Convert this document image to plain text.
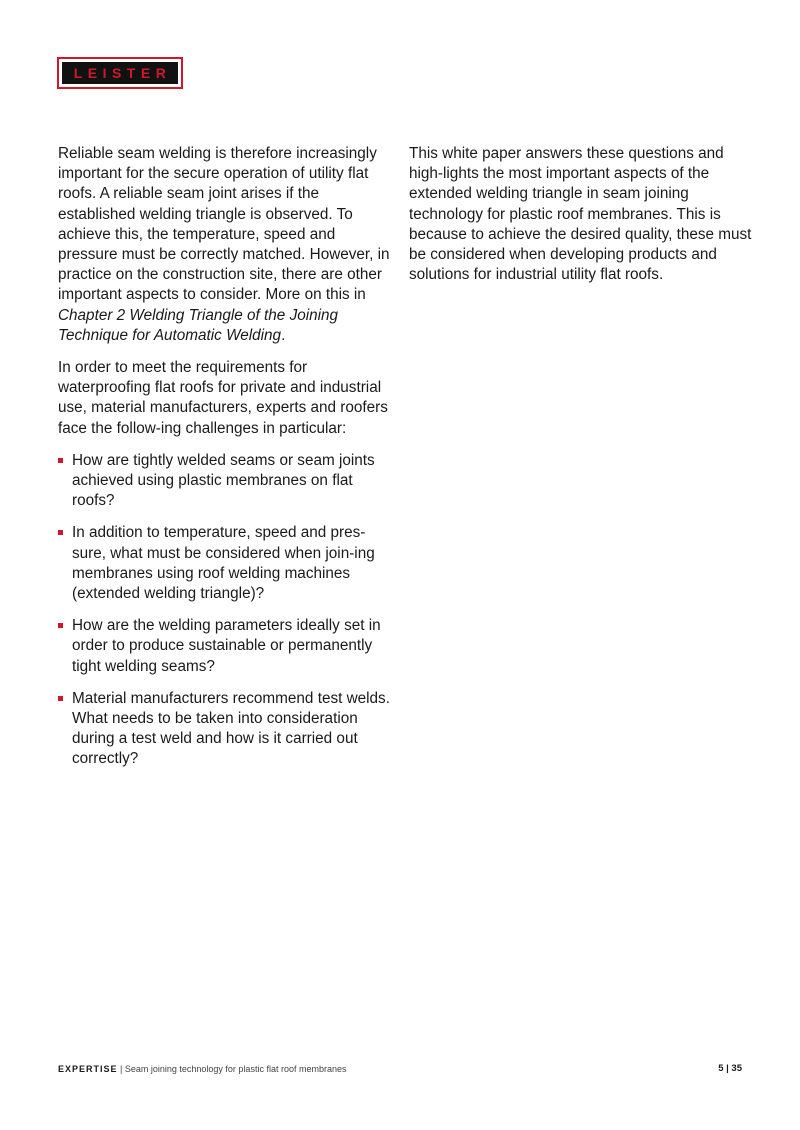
LEISTER

Reliable seam welding is therefore increasingly important for the secure operation of utility flat roofs. A reliable seam joint arises if the established welding triangle is observed. To achieve this, the temperature, speed and pressure must be correctly matched. However, in practice on the construction site, there are other important aspects to consider. More on this in Chapter 2 Welding Triangle of the Joining Technique for Automatic Welding.

In order to meet the requirements for waterproofing flat roofs for private and industrial use, material manufacturers, experts and roofers face the follow-ing challenges in particular:

How are tightly welded seams or seam joints achieved using plastic membranes on flat roofs?
In addition to temperature, speed and pres-sure, what must be considered when join-ing membranes using roof welding machines (extended welding triangle)?
How are the welding parameters ideally set in order to produce sustainable or permanently tight welding seams?
Material manufacturers recommend test welds. What needs to be taken into consideration during a test weld and how is it carried out correctly?

This white paper answers these questions and high-lights the most important aspects of the extended welding triangle in seam joining technology for plastic roof membranes. This is because to achieve the desired quality, these must be considered when developing products and solutions for industrial utility flat roofs.

EXPERTISE | Seam joining technology for plastic flat roof membranes	5 | 35
